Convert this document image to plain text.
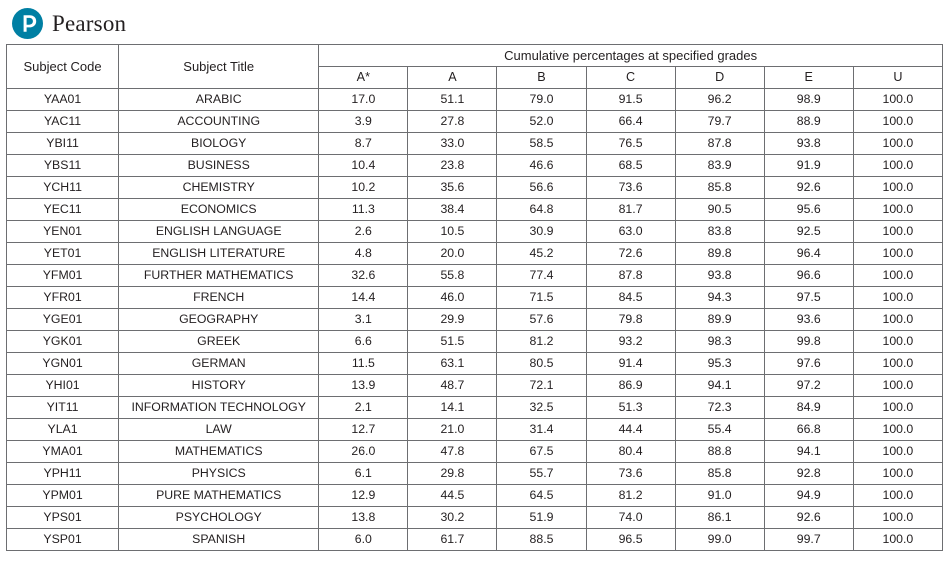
Pearson
Subject Code	Subject Title	Cumulative percentages at specified grades						
		A*	A	B	C	D	E	U
YAA01	ARABIC	17.0	51.1	79.0	91.5	96.2	98.9	100.0
YAC11	ACCOUNTING	3.9	27.8	52.0	66.4	79.7	88.9	100.0
YBI11	BIOLOGY	8.7	33.0	58.5	76.5	87.8	93.8	100.0
YBS11	BUSINESS	10.4	23.8	46.6	68.5	83.9	91.9	100.0
YCH11	CHEMISTRY	10.2	35.6	56.6	73.6	85.8	92.6	100.0
YEC11	ECONOMICS	11.3	38.4	64.8	81.7	90.5	95.6	100.0
YEN01	ENGLISH LANGUAGE	2.6	10.5	30.9	63.0	83.8	92.5	100.0
YET01	ENGLISH LITERATURE	4.8	20.0	45.2	72.6	89.8	96.4	100.0
YFM01	FURTHER MATHEMATICS	32.6	55.8	77.4	87.8	93.8	96.6	100.0
YFR01	FRENCH	14.4	46.0	71.5	84.5	94.3	97.5	100.0
YGE01	GEOGRAPHY	3.1	29.9	57.6	79.8	89.9	93.6	100.0
YGK01	GREEK	6.6	51.5	81.2	93.2	98.3	99.8	100.0
YGN01	GERMAN	11.5	63.1	80.5	91.4	95.3	97.6	100.0
YHI01	HISTORY	13.9	48.7	72.1	86.9	94.1	97.2	100.0
YIT11	INFORMATION TECHNOLOGY	2.1	14.1	32.5	51.3	72.3	84.9	100.0
YLA1	LAW	12.7	21.0	31.4	44.4	55.4	66.8	100.0
YMA01	MATHEMATICS	26.0	47.8	67.5	80.4	88.8	94.1	100.0
YPH11	PHYSICS	6.1	29.8	55.7	73.6	85.8	92.8	100.0
YPM01	PURE MATHEMATICS	12.9	44.5	64.5	81.2	91.0	94.9	100.0
YPS01	PSYCHOLOGY	13.8	30.2	51.9	74.0	86.1	92.6	100.0
YSP01	SPANISH	6.0	61.7	88.5	96.5	99.0	99.7	100.0
